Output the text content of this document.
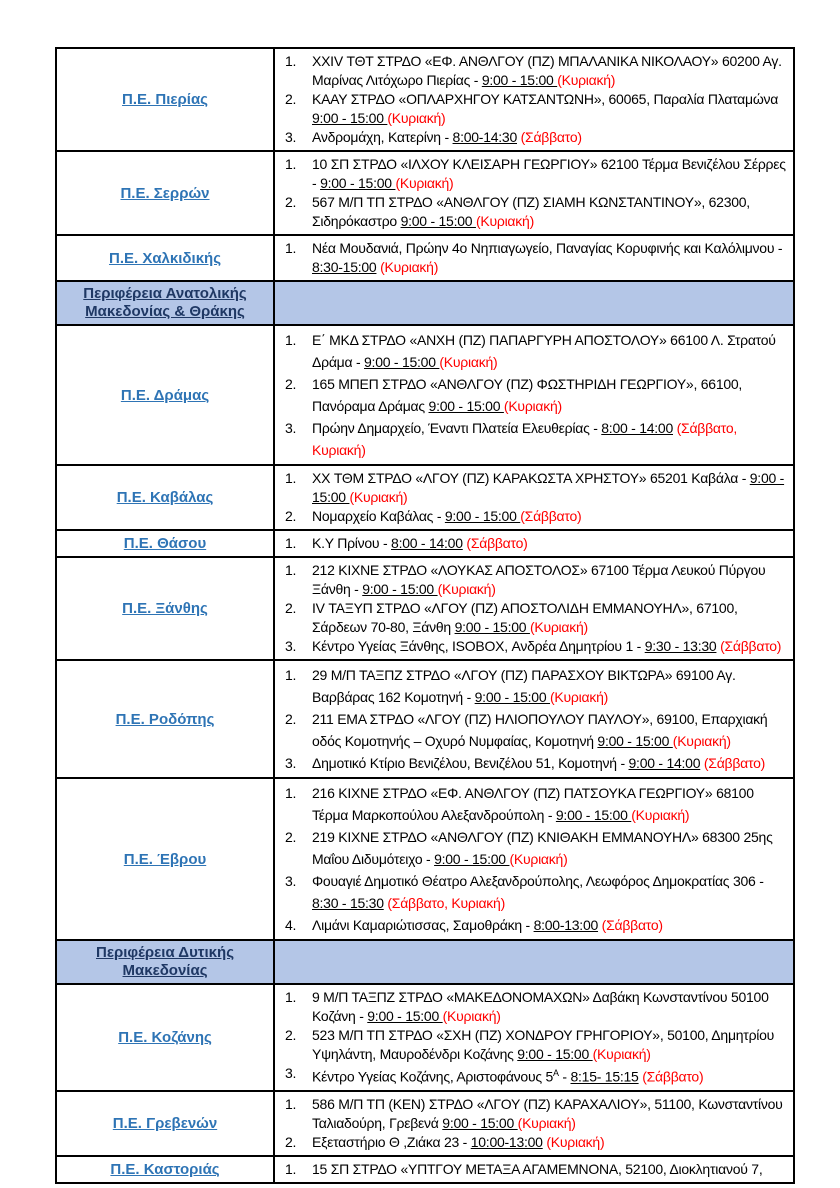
Π.Ε. Πιερίας	
1.	XXIV ΤΘΤ ΣΤΡΔΟ «ΕΦ. ΑΝΘΛΓΟΥ (ΠΖ) ΜΠΑΛΑΝΙΚΑ ΝΙΚΟΛΑΟΥ» 60200 Αγ. Μαρίνας Λιτόχωρο Πιερίας - 9:00 - 15:00 (Κυριακή)
2.	ΚΑΑΥ ΣΤΡΔΟ «ΟΠΛΑΡΧΗΓΟΥ ΚΑΤΣΑΝΤΩΝΗ», 60065, Παραλία Πλαταμώνα 9:00 - 15:00 (Κυριακή)
3.	Ανδρομάχη, Κατερίνη - 8:00-14:30 (Σάββατο)

Π.Ε. Σερρών	1. 10 ΣΠ ΣΤΡΔΟ «ΙΛΧΟΥ ΚΛΕΙΣΑΡΗ ΓΕΩΡΓΙΟΥ» 62100 Τέρμα Βενιζέλου Σέρρες - 9:00 - 15:00 (Κυριακή)
2. 567 Μ/Π ΤΠ ΣΤΡΔΟ «ΑΝΘΛΓΟΥ (ΠΖ) ΣΙΑΜΗ ΚΩΝΣΤΑΝΤΙΝΟΥ», 62300, Σιδηρόκαστρο 9:00 - 15:00 (Κυριακή)

Π.Ε. Χαλκιδικής	1. Νέα Μουδανιά, Πρώην 4ο Νηπιαγωγείο, Παναγίας Κορυφινής και Καλόλιμνου - 8:30-15:00 (Κυριακή)

Περιφέρεια Ανατολικής Μακεδονίας & Θράκης	
Π.Ε. Δράμας	
1.	Ε΄ ΜΚΔ ΣΤΡΔΟ «ΑΝΧΗ (ΠΖ) ΠΑΠΑΡΓΥΡΗ ΑΠΟΣΤΟΛΟΥ» 66100 Λ. Στρατού Δράμα - 9:00 - 15:00 (Κυριακή)
2.	165 ΜΠΕΠ ΣΤΡΔΟ «ΑΝΘΛΓΟΥ (ΠΖ) ΦΩΣΤΗΡΙΔΗ ΓΕΩΡΓΙΟΥ», 66100, Πανόραμα Δράμας 9:00 - 15:00 (Κυριακή)
3.	Πρώην Δημαρχείο, Έναντι Πλατεία Ελευθερίας - 8:00 - 14:00 (Σάββατο, Κυριακή)

Π.Ε. Καβάλας	1. XX ΤΘΜ ΣΤΡΔΟ «ΛΓΟΥ (ΠΖ) ΚΑΡΑΚΩΣΤΑ ΧΡΗΣΤΟΥ» 65201 Καβάλα - 9:00 - 15:00 (Κυριακή)
2. Νομαρχείο Καβάλας - 9:00 - 15:00 (Σάββατο)

Π.Ε. Θάσου	1. Κ.Υ Πρίνου - 8:00 - 14:00 (Σάββατο)

Π.Ε. Ξάνθης	
1.	212 ΚΙΧΝΕ ΣΤΡΔΟ «ΛΟΥΚΑΣ ΑΠΟΣΤΟΛΟΣ» 67100 Τέρμα Λευκού Πύργου Ξάνθη - 9:00 - 15:00 (Κυριακή)
2.	IV ΤΑΞΥΠ ΣΤΡΔΟ «ΛΓΟΥ (ΠΖ) ΑΠΟΣΤΟΛΙΔΗ ΕΜΜΑΝΟΥΗΛ», 67100, Σάρδεων 70-80, Ξάνθη 9:00 - 15:00 (Κυριακή)
3.	Κέντρο Υγείας Ξάνθης, ISOBOX, Ανδρέα Δημητρίου 1 - 9:30 - 13:30 (Σάββατο)

Π.Ε. Ροδόπης	
1.	29 Μ/Π ΤΑΞΠΖ ΣΤΡΔΟ «ΛΓΟΥ (ΠΖ) ΠΑΡΑΣΧΟΥ ΒΙΚΤΩΡΑ» 69100 Αγ. Βαρβάρας 162 Κομοτηνή - 9:00 - 15:00 (Κυριακή)
2.	211 ΕΜΑ ΣΤΡΔΟ «ΛΓΟΥ (ΠΖ) ΗΛΙΟΠΟΥΛΟΥ ΠΑΥΛΟΥ», 69100, Επαρχιακή οδός Κομοτηνής – Οχυρό Νυμφαίας, Κομοτηνή 9:00 - 15:00 (Κυριακή)
3.	Δημοτικό Κτίριο Βενιζέλου, Βενιζέλου 51, Κομοτηνή - 9:00 - 14:00 (Σάββατο)

Π.Ε. Έβρου	
1.	216 ΚΙΧΝΕ ΣΤΡΔΟ «ΕΦ. ΑΝΘΛΓΟΥ (ΠΖ) ΠΑΤΣΟΥΚΑ ΓΕΩΡΓΙΟΥ» 68100 Τέρμα Μαρκοπούλου Αλεξανδρούπολη - 9:00 - 15:00 (Κυριακή)
2.	219 ΚΙΧΝΕ ΣΤΡΔΟ «ΑΝΘΛΓΟΥ (ΠΖ) ΚΝΙΘΑΚΗ ΕΜΜΑΝΟΥΗΛ» 68300 25ης Μαΐου Διδυμότειχο - 9:00 - 15:00 (Κυριακή)
3.	Φουαγιέ Δημοτικό Θέατρο Αλεξανδρούπολης, Λεωφόρος Δημοκρατίας 306 - 8:30 - 15:30 (Σάββατο, Κυριακή)
4.	Λιμάνι Καμαριώτισσας, Σαμοθράκη - 8:00-13:00 (Σάββατο)

Περιφέρεια Δυτικής Μακεδονίας	
Π.Ε. Κοζάνης	
1.	9 Μ/Π ΤΑΞΠΖ ΣΤΡΔΟ «ΜΑΚΕΔΟΝΟΜΑΧΩΝ» Δαβάκη Κωνσταντίνου 50100 Κοζάνη - 9:00 - 15:00 (Κυριακή)
2.	523 Μ/Π ΤΠ ΣΤΡΔΟ «ΣΧΗ (ΠΖ) ΧΟΝΔΡΟΥ ΓΡΗΓΟΡΙΟΥ», 50100, Δημητρίου Υψηλάντη, Μαυροδένδρι Κοζάνης 9:00 - 15:00 (Κυριακή)
3.	Κέντρο Υγείας Κοζάνης, Αριστοφάνους $5^A$ - 8:15- 15:15 (Σάββατο)

Π.Ε. Γρεβενών	1. 586 Μ/Π ΤΠ (ΚΕΝ) ΣΤΡΔΟ «ΛΓΟΥ (ΠΖ) ΚΑΡΑΧΑΛΙΟΥ», 51100, Κωνσταντίνου Ταλιαδούρη, Γρεβενά 9:00 - 15:00 (Κυριακή)
2. Εξεταστήριο Θ ,Ζιάκα 23 - 10:00-13:00 (Κυριακή)

Π.Ε. Καστοριάς	1. 15 ΣΠ ΣΤΡΔΟ «ΥΠΤΓΟΥ ΜΕΤΑΞΑ ΑΓΑΜΕΜΝΟΝΑ, 52100, Διοκλητιανού 7,
